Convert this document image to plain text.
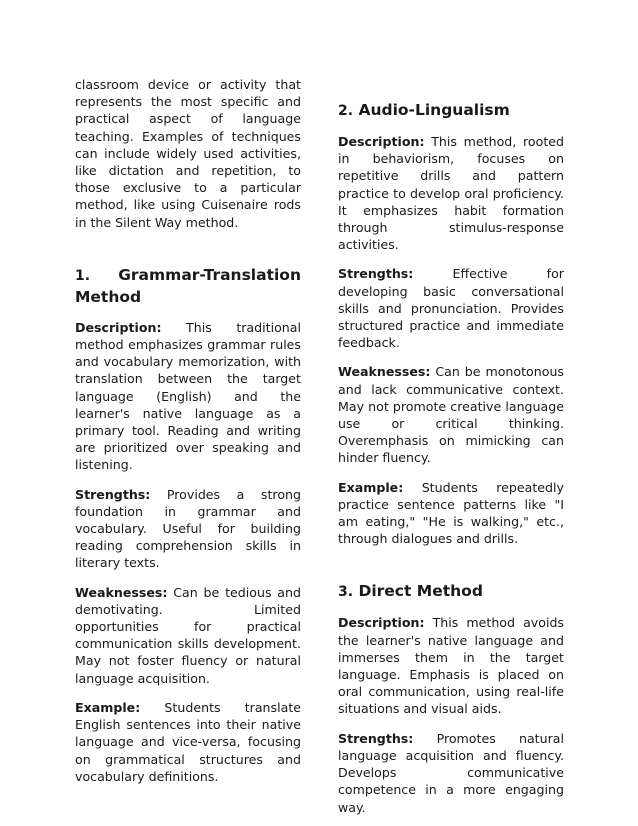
classroom device or activity that represents the most specific and practical aspect of language teaching. Examples of techniques can include widely used activities, like dictation and repetition, to those exclusive to a particular method, like using Cuisenaire rods in the Silent Way method.

1. Grammar-Translation
Method

Description: This traditional method emphasizes grammar rules and vocabulary memorization, with translation between the target language (English) and the learner's native language as a primary tool. Reading and writing are prioritized over speaking and listening.

Strengths: Provides a strong foundation in grammar and vocabulary. Useful for building reading comprehension skills in literary texts.

Weaknesses: Can be tedious and demotivating. Limited opportunities for practical communication skills development. May not foster fluency or natural language acquisition.

Example: Students translate English sentences into their native language and vice-versa, focusing on grammatical structures and vocabulary definitions.

2. Audio-Lingualism

Description: This method, rooted in behaviorism, focuses on repetitive drills and pattern practice to develop oral proficiency. It emphasizes habit formation through stimulus-response activities.

Strengths: Effective for developing basic conversational skills and pronunciation. Provides structured practice and immediate feedback.

Weaknesses: Can be monotonous and lack communicative context. May not promote creative language use or critical thinking. Overemphasis on mimicking can hinder fluency.

Example: Students repeatedly practice sentence patterns like "I am eating," "He is walking," etc., through dialogues and drills.

3. Direct Method

Description: This method avoids the learner's native language and immerses them in the target language. Emphasis is placed on oral communication, using real-life situations and visual aids.

Strengths: Promotes natural language acquisition and fluency. Develops communicative competence in a more engaging way.
